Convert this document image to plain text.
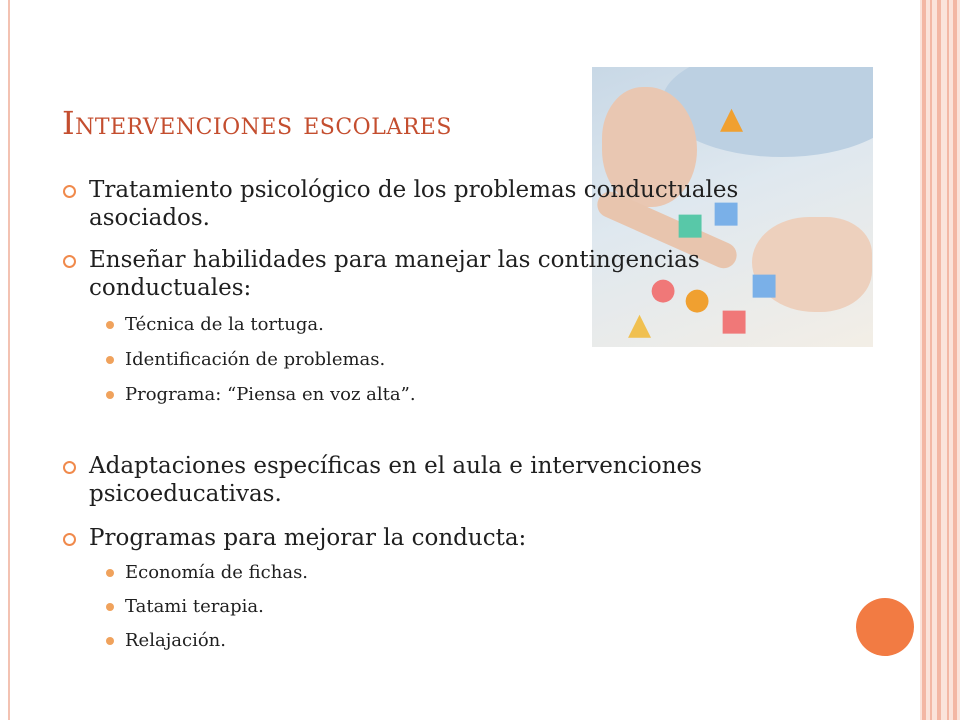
▲
■ ■
● ●
■
▲
■
Intervenciones escolares
Tratamiento psicológico de los problemas conductuales asociados.
Enseñar habilidades para manejar las contingencias conductuales:
Técnica de la tortuga.
Identificación de problemas.
Programa: “Piensa en voz alta”.
Adaptaciones específicas en el aula e intervenciones psicoeducativas.
Programas para mejorar la conducta:
Economía de fichas.
Tatami terapia.
Relajación.
